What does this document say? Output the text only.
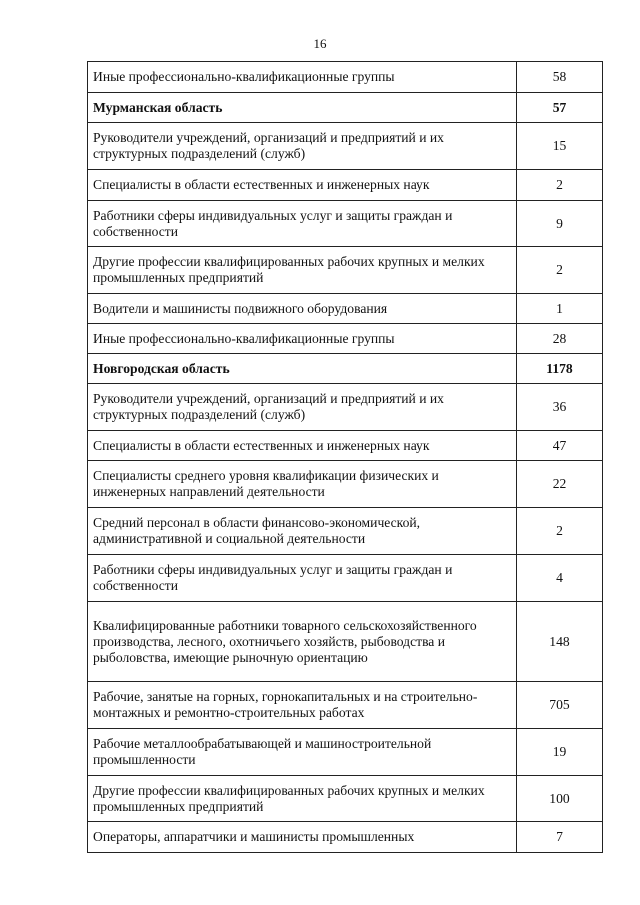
16
Иные профессионально-квалификационные группы	58
Мурманская область	57
Руководители учреждений, организаций и предприятий и их структурных подразделений (служб)	15
Специалисты в области естественных и инженерных наук	2
Работники сферы индивидуальных услуг и защиты граждан и собственности	9
Другие профессии квалифицированных рабочих крупных и мелких промышленных предприятий	2
Водители и машинисты подвижного оборудования	1
Иные профессионально-квалификационные группы	28
Новгородская область	1178
Руководители учреждений, организаций и предприятий и их структурных подразделений (служб)	36
Специалисты в области естественных и инженерных наук	47
Специалисты среднего уровня квалификации физических и инженерных направлений деятельности	22
Средний персонал в области финансово-экономической, административной и социальной деятельности	2
Работники сферы индивидуальных услуг и защиты граждан и собственности	4
Квалифицированные работники товарного сельскохозяйственного производства, лесного, охотничьего хозяйств, рыбоводства и рыболовства, имеющие рыночную ориентацию	148
Рабочие, занятые на горных, горнокапитальных и на строительно-монтажных и ремонтно-строительных работах	705
Рабочие металлообрабатывающей и машиностроительной промышленности	19
Другие профессии квалифицированных рабочих крупных и мелких промышленных предприятий	100
Операторы, аппаратчики и машинисты промышленных	7
